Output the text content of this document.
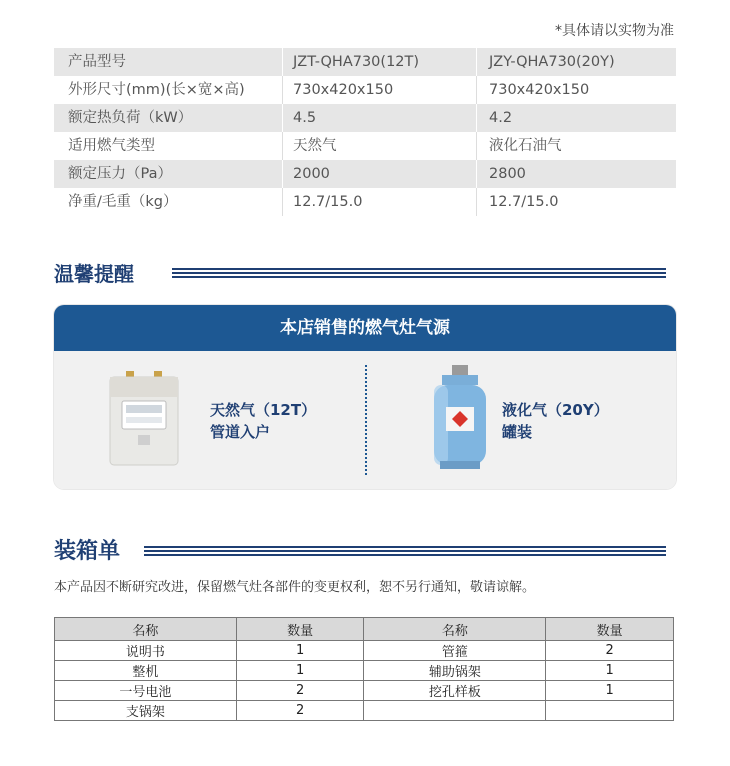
*具体请以实物为准
产品型号	JZT-QHA730(12T)	JZY-QHA730(20Y)
外形尺寸(mm)(长×宽×高)	730x420x150	730x420x150
额定热负荷（kW）	4.5	4.2
适用燃气类型	天然气	液化石油气
额定压力（Pa）	2000	2800
净重/毛重（kg）	12.7/15.0	12.7/15.0
温馨提醒
本店销售的燃气灶气源
天然气（12T）
管道入户
液化气（20Y）
罐装
装箱单
本产品因不断研究改进，保留燃气灶各部件的变更权利，恕不另行通知，敬请谅解。
名称	数量	名称	数量
说明书	1	管箍	2
整机	1	辅助锅架	1
一号电池	2	挖孔样板	1
支锅架	2		
